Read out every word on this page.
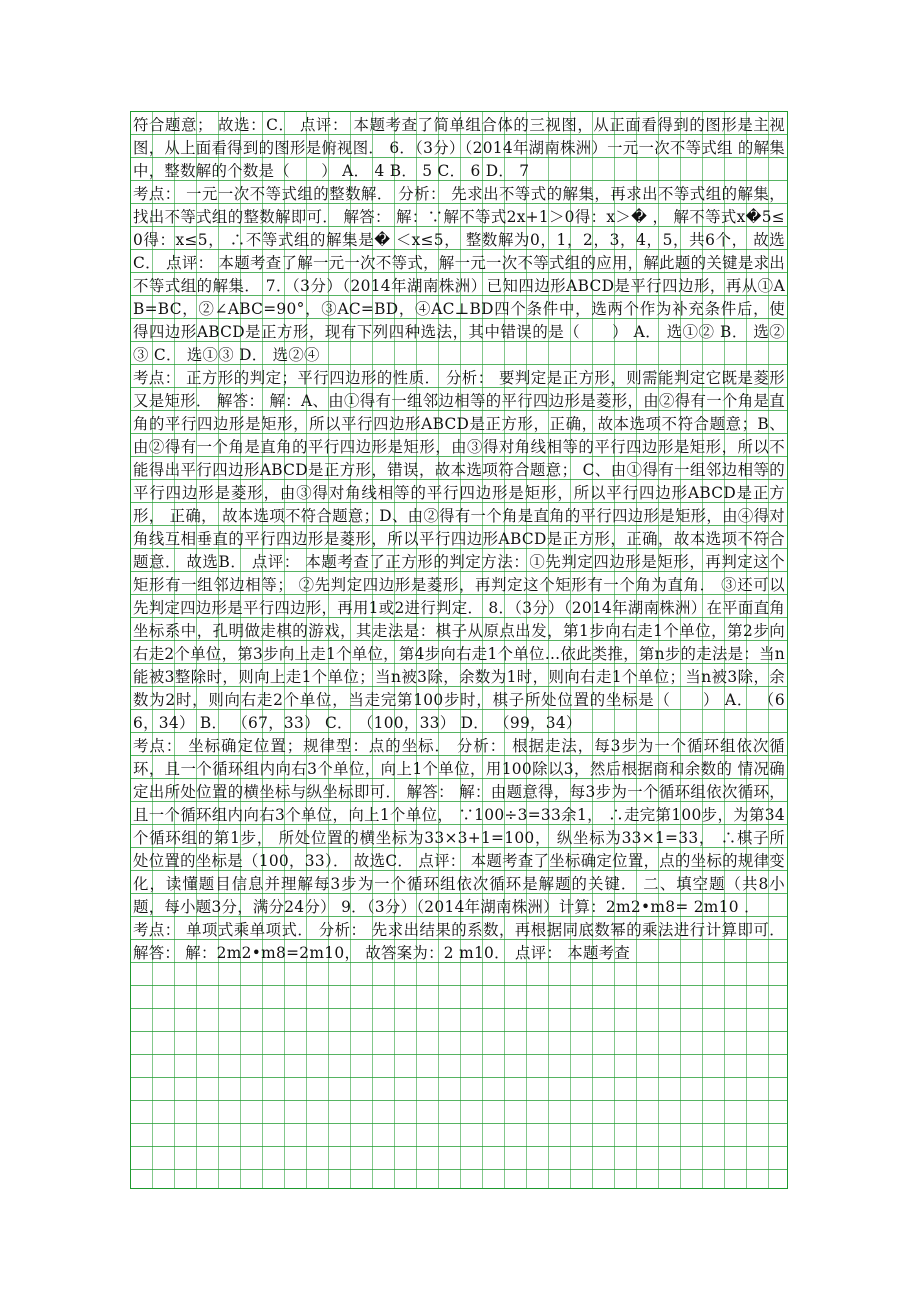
符合题意； 故选：C． 点评： 本题考查了简单组合体的三视图，从正面看得到的图形是主视图，从上面看得到的图形是俯视图． 6．（3分）（2014年湖南株洲）一元一次不等式组 的解集中，整数解的个数是（　　） A． 4 B． 5 C． 6 D． 7

考点： 一元一次不等式组的整数解． 分析： 先求出不等式的解集，再求出不等式组的解集，找出不等式组的整数解即可． 解答： 解：∵解不等式2x+1＞0得：x＞� ， 解不等式x�5≤0得：x≤5， ∴不等式组的解集是� ＜x≤5， 整数解为0，1，2，3，4，5，共6个， 故选C． 点评： 本题考查了解一元一次不等式，解一元一次不等式组的应用，解此题的关键是求出不等式组的解集． 7．（3分）（2014年湖南株洲）已知四边形ABCD是平行四边形，再从①AB=BC，②∠ABC=90°，③AC=BD，④AC⊥BD四个条件中，选两个作为补充条件后，使得四边形ABCD是正方形，现有下列四种选法，其中错误的是（　　） A． 选①② B． 选②③ C． 选①③ D． 选②④

考点： 正方形的判定；平行四边形的性质． 分析： 要判定是正方形，则需能判定它既是菱形又是矩形． 解答： 解：A、由①得有一组邻边相等的平行四边形是菱形，由②得有一个角是直角的平行四边形是矩形，所以平行四边形ABCD是正方形，正确，故本选项不符合题意；B、由②得有一个角是直角的平行四边形是矩形，由③得对角线相等的平行四边形是矩形，所以不能得出平行四边形ABCD是正方形，错误，故本选项符合题意； C、由①得有一组邻边相等的平行四边形是菱形，由③得对角线相等的平行四边形是矩形，所以平行四边形ABCD是正方形， 正确， 故本选项不符合题意；D、由②得有一个角是直角的平行四边形是矩形，由④得对角线互相垂直的平行四边形是菱形，所以平行四边形ABCD是正方形，正确，故本选项不符合题意． 故选B． 点评： 本题考查了正方形的判定方法：①先判定四边形是矩形，再判定这个矩形有一组邻边相等； ②先判定四边形是菱形，再判定这个矩形有一个角为直角． ③还可以先判定四边形是平行四边形，再用1或2进行判定． 8．（3分）（2014年湖南株洲）在平面直角坐标系中，孔明做走棋的游戏，其走法是：棋子从原点出发，第1步向右走1个单位，第2步向右走2个单位，第3步向上走1个单位，第4步向右走1个单位…依此类推，第n步的走法是：当n能被3整除时，则向上走1个单位；当n被3除，余数为1时，则向右走1个单位；当n被3除，余数为2时，则向右走2个单位，当走完第100步时，棋子所处位置的坐标是（　　） A． （66，34） B． （67，33） C． （100，33） D． （99，34）

考点： 坐标确定位置；规律型：点的坐标． 分析： 根据走法，每3步为一个循环组依次循环，且一个循环组内向右3个单位，向上1个单位，用100除以3，然后根据商和余数的 情况确定出所处位置的横坐标与纵坐标即可． 解答： 解：由题意得，每3步为一个循环组依次循环，且一个循环组内向右3个单位，向上1个单位， ∵100÷3=33余1， ∴走完第100步，为第34个循环组的第1步， 所处位置的横坐标为33×3+1=100， 纵坐标为33×1=33， ∴棋子所处位置的坐标是（100，33）． 故选C． 点评： 本题考查了坐标确定位置，点的坐标的规律变化，读懂题目信息并理解每3步为一个循环组依次循环是解题的关键． 二、填空题（共8小题，每小题3分，满分24分） 9．（3分）（2014年湖南株洲）计算：2m2•m8= 2m10 ．

考点： 单项式乘单项式． 分析： 先求出结果的系数，再根据同底数幂的乘法进行计算即可． 解答： 解：2m2•m8=2m10， 故答案为：2 m10． 点评： 本题考查
